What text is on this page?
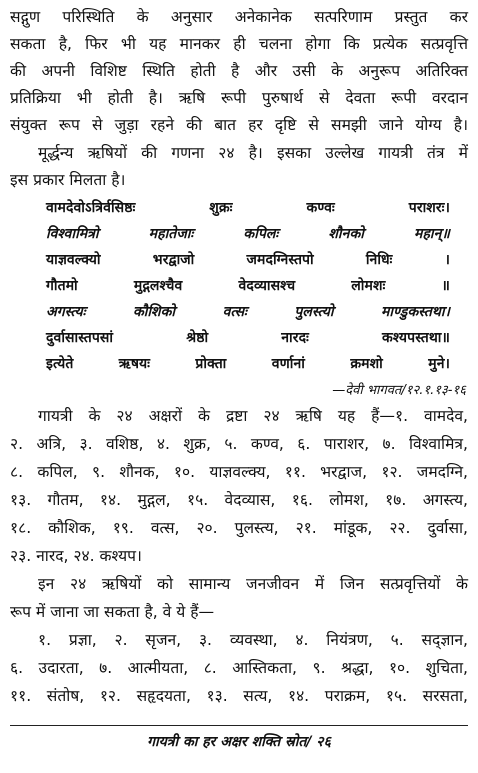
सद्गुण परिस्थिति के अनुसार अनेकानेक सत्परिणाम प्रस्तुत कर
सकता है, फिर भी यह मानकर ही चलना होगा कि प्रत्येक सत्प्रवृत्ति
की अपनी विशिष्ट स्थिति होती है और उसी के अनुरूप अतिरिक्त
प्रतिक्रिया भी होती है। ऋषि रूपी पुरुषार्थ से देवता रूपी वरदान
संयुक्त रूप से जुड़ा रहने की बात हर दृष्टि से समझी जाने योग्य है।
मूर्द्धन्य ऋषियों की गणना २४ है। इसका उल्लेख गायत्री तंत्र में
इस प्रकार मिलता है।
वामदेवोऽत्रिर्वसिष्ठः शुक्रः कण्वः पराशरः।
विश्वामित्रो महातेजाः कपिलः शौनको महान्॥
याज्ञवल्क्यो भरद्वाजो जमदग्निस्तपो निधिः ।
गौतमो मुद्गलश्चैव वेदव्यासश्च लोमशः ॥
अगस्त्यः कौशिको वत्सः पुलस्त्यो माण्डुकस्तथा।
दुर्वासास्तपसां श्रेष्ठो नारदः कश्यपस्तथा॥
इत्येते ऋषयः प्रोक्ता वर्णानां क्रमशो मुने।
—देवी भागवत/१२.१.१३-१६
गायत्री के २४ अक्षरों के द्रष्टा २४ ऋषि यह हैं—१. वामदेव,
२. अत्रि, ३. वशिष्ठ, ४. शुक्र, ५. कण्व, ६. पाराशर, ७. विश्वामित्र,
८. कपिल, ९. शौनक, १०. याज्ञवल्क्य, ११. भरद्वाज, १२. जमदग्नि,
१३. गौतम, १४. मुद्गल, १५. वेदव्यास, १६. लोमश, १७. अगस्त्य,
१८. कौशिक, १९. वत्स, २०. पुलस्त्य, २१. मांडूक, २२. दुर्वासा,
२३. नारद, २४. कश्यप।
इन २४ ऋषियों को सामान्य जनजीवन में जिन सत्प्रवृत्तियों के
रूप में जाना जा सकता है, वे ये हैं—
१. प्रज्ञा, २. सृजन, ३. व्यवस्था, ४. नियंत्रण, ५. सद्ज्ञान,
६. उदारता, ७. आत्मीयता, ८. आस्तिकता, ९. श्रद्धा, १०. शुचिता,
११. संतोष, १२. सहृदयता, १३. सत्य, १४. पराक्रम, १५. सरसता,
गायत्री का हर अक्षर शक्ति स्रोत/ २६
